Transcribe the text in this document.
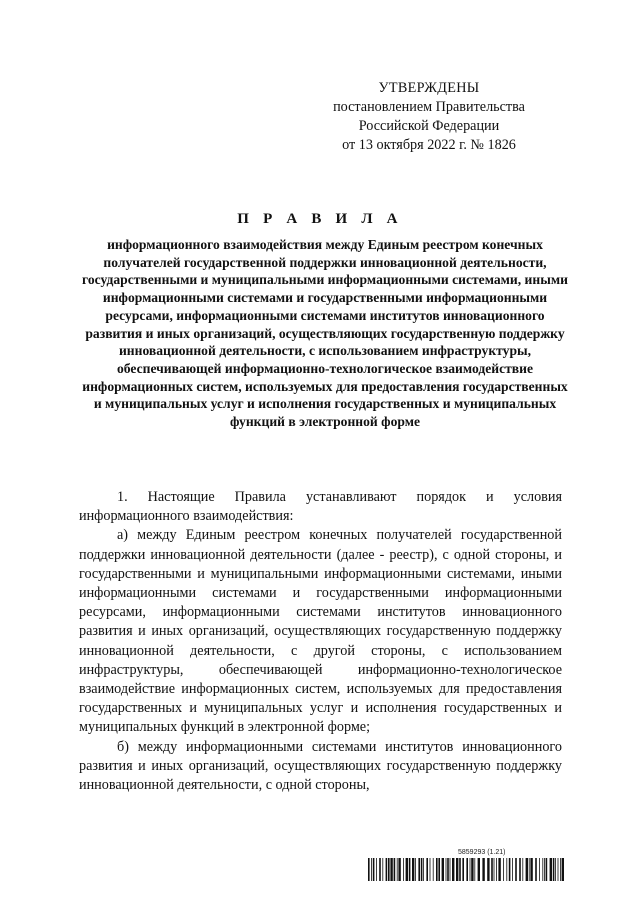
УТВЕРЖДЕНЫ
постановлением Правительства
Российской Федерации
от 13 октября 2022 г. № 1826
П Р А В И Л А
информационного взаимодействия между Единым реестром конечных получателей государственной поддержки инновационной деятельности, государственными и муниципальными информационными системами, иными информационными системами и государственными информационными ресурсами, информационными системами институтов инновационного развития и иных организаций, осуществляющих государственную поддержку инновационной деятельности, с использованием инфраструктуры, обеспечивающей информационно-технологическое взаимодействие информационных систем, используемых для предоставления государственных и муниципальных услуг и исполнения государственных и муниципальных функций в электронной форме

1. Настоящие Правила устанавливают порядок и условия информационного взаимодействия:

а) между Единым реестром конечных получателей государственной поддержки инновационной деятельности (далее - реестр), с одной стороны, и государственными и муниципальными информационными системами, иными информационными системами и государственными информационными ресурсами, информационными системами институтов инновационного развития и иных организаций, осуществляющих государственную поддержку инновационной деятельности, с другой стороны, с использованием инфраструктуры, обеспечивающей информационно-технологическое взаимодействие информационных систем, используемых для предоставления государственных и муниципальных услуг и исполнения государственных и муниципальных функций в электронной форме;

б) между информационными системами институтов инновационного развития и иных организаций, осуществляющих государственную поддержку инновационной деятельности, с одной стороны,

5859293 (1.21)
